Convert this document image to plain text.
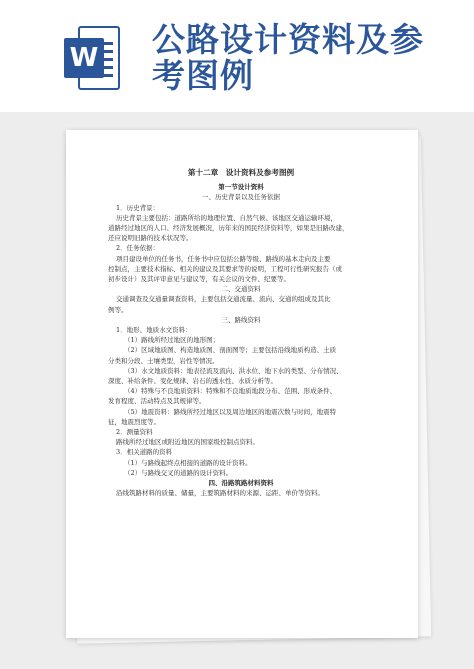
W 公路设计资料及参
考图例

第十二章　设计资料及参考图例

第一节设计资料

一、历史背景以及任务依据

1．历史背景：

历史背景主要包括：道路所给的地理位置、自然气候、该地区交通运输环境，

道路经过地区的人口、经济发展概况，历年来的国民经济资料等，如果是旧路改建，

还应说明旧路的技术状况等。

2．任务依据：

项目建设单位的任务书，任务书中应包括公路等级、路线的基本走向及主要

控制点，主要技术指标、相关的建议及其要求等的说明，工程可行性研究报告（或

初步设计）及其评审意见与建议等，有关会议的文件、纪要等。

二、交通资料

交通调查及交通量调查资料，主要包括交通流量、流向、交通的组成及其比

例等。

三、路线资料

1．地形、地质水文资料：

（1）路线所经过地区的地形图；

（2）区域地质图、构造地质图、剖面图等；主要包括沿线地质构造、土质

分类和分段、土壤类型，岩性等情况。

（3）水文地质资料：地表径流及流向、洪水位、地下水的类型、分布情况、

深度、补给条件、变化规律、岩石的透水性、水质分析等。

（4）特殊与不良地质资料：特殊和不良地质地段分布、范围、形成条件、

发育程度、活动特点及其规律等。

（5）地震资料：路线所经过地区以及周边地区的地震次数与时间，地震特

征，地震烈度等。

2．测量资料

路线所经过地区或附近地区的国家级控制点资料。

3．相关道路的资料

（1）与路线起终点相接的道路的设计资料。

（2）与路线交叉的道路的设计资料。

四、沿路筑路材料资料

沿线筑路材料的质量、储量，主要筑路材料的来源、运距、单价等资料。
